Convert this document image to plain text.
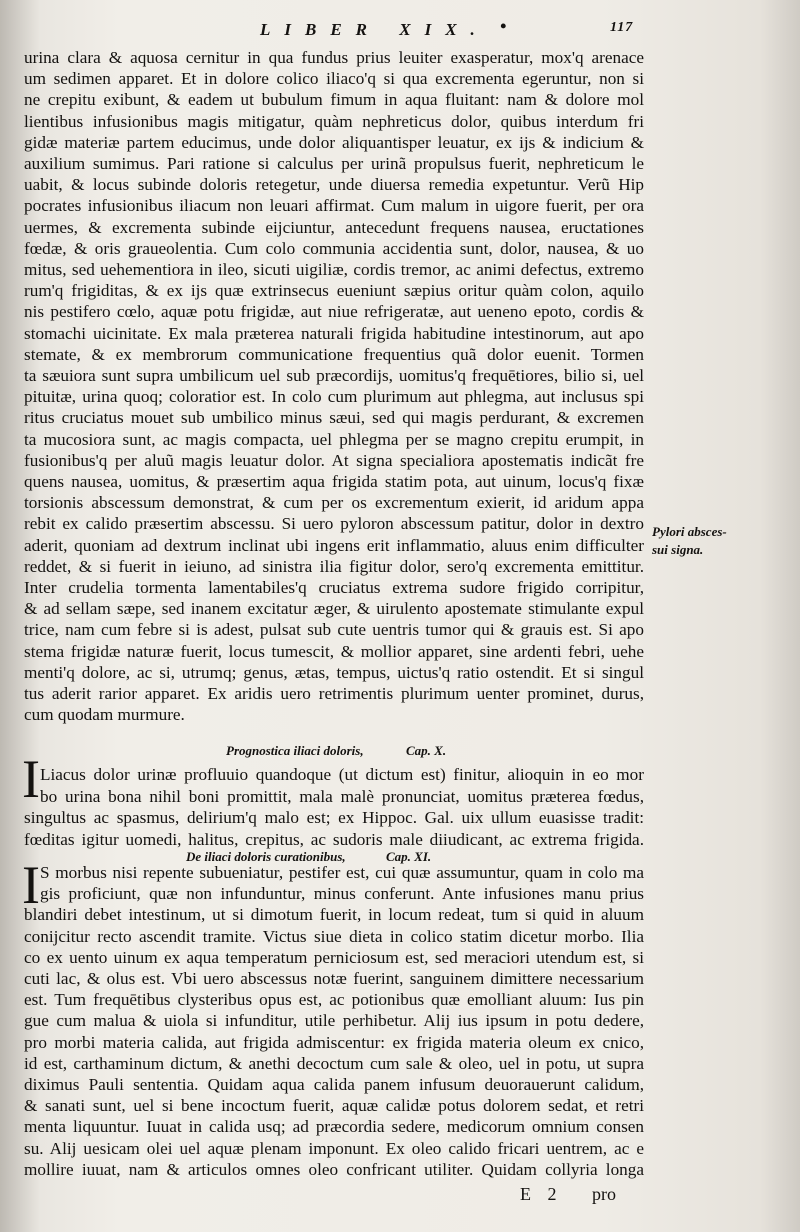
LIBER XIX. •	117
urina clara & aquosa cernitur in qua fundus prius leuiter exasperatur, mox'q arenace
um sedimen apparet. Et in dolore colico iliaco'q si qua excrementa egeruntur, non si
ne crepitu exibunt, & eadem ut bubulum fimum in aqua fluitant: nam & dolore mol
lientibus infusionibus magis mitigatur, quàm nephreticus dolor, quibus interdum fri
gidæ materiæ partem educimus, unde dolor aliquantisper leuatur, ex ijs & indicium &
auxilium sumimus. Pari ratione si calculus per urinã propulsus fuerit, nephreticum le
uabit, & locus subinde doloris retegetur, unde diuersa remedia expetuntur. Verũ Hip
pocrates infusionibus iliacum non leuari affirmat. Cum malum in uigore fuerit, per ora
uermes, & excrementa subinde eijciuntur, antecedunt frequens nausea, eructationes
fœdæ, & oris graueolentia. Cum colo communia accidentia sunt, dolor, nausea, & uo
mitus, sed uehementiora in ileo, sicuti uigiliæ, cordis tremor, ac animi defectus, extremo
rum'q frigiditas, & ex ijs quæ extrinsecus eueniunt sæpius oritur quàm colon, aquilo
nis pestifero cœlo, aquæ potu frigidæ, aut niue refrigeratæ, aut ueneno epoto, cordis &
stomachi uicinitate. Ex mala præterea naturali frigida habitudine intestinorum, aut apo
stemate, & ex membrorum communicatione frequentius quã dolor euenit. Tormen
ta sæuiora sunt supra umbilicum uel sub præcordijs, uomitus'q frequētiores, bilio si, uel
pituitæ, urina quoq; coloratior est. In colo cum plurimum aut phlegma, aut inclusus spi
ritus cruciatus mouet sub umbilico minus sæui, sed qui magis perdurant, & excremen
ta mucosiora sunt, ac magis compacta, uel phlegma per se magno crepitu erumpit, in
fusionibus'q per aluũ magis leuatur dolor. At signa specialiora apostematis indicãt fre
quens nausea, uomitus, & præsertim aqua frigida statim pota, aut uinum, locus'q fixæ
torsionis abscessum demonstrat, & cum per os excrementum exierit, id aridum appa
rebit ex calido præsertim abscessu. Si uero pyloron abscessum patitur, dolor in dextro
aderit, quoniam ad dextrum inclinat ubi ingens erit inflammatio, aluus enim difficulter
reddet, & si fuerit in ieiuno, ad sinistra ilia figitur dolor, sero'q excrementa emittitur.
Inter crudelia tormenta lamentabiles'q cruciatus extrema sudore frigido corripitur,
& ad sellam sæpe, sed inanem excitatur æger, & uirulento apostemate stimulante expul
trice, nam cum febre si is adest, pulsat sub cute uentris tumor qui & grauis est. Si apo
stema frigidæ naturæ fuerit, locus tumescit, & mollior apparet, sine ardenti febri, uehe
menti'q dolore, ac si, utrumq; genus, ætas, tempus, uictus'q ratio ostendit. Et si singul
tus aderit rarior apparet. Ex aridis uero retrimentis plurimum uenter prominet, durus,
cum quodam murmure.
Pylori absces-
sui signa.
Prognostica iliaci doloris,	Cap. X.
I Liacus dolor urinæ profluuio quandoque (ut dictum est) finitur, alioquin in eo mor
bo urina bona nihil boni promittit, mala malè pronunciat, uomitus præterea fœdus,
singultus ac spasmus, delirium'q malo est; ex Hippoc. Gal. uix ullum euasisse tradit:
fœditas igitur uomedi, halitus, crepitus, ac sudoris male diiudicant, ac extrema frigida.
De iliaci doloris curationibus,	Cap. XI.
I S morbus nisi repente subueniatur, pestifer est, cui quæ assumuntur, quam in colo ma
gis proficiunt, quæ non infunduntur, minus conferunt. Ante infusiones manu prius
blandiri debet intestinum, ut si dimotum fuerit, in locum redeat, tum si quid in aluum
conijcitur recto ascendit tramite. Victus siue dieta in colico statim dicetur morbo. Ilia
co ex uento uinum ex aqua temperatum perniciosum est, sed meraciori utendum est, si
cuti lac, & olus est. Vbi uero abscessus notæ fuerint, sanguinem dimittere necessarium
est. Tum frequētibus clysteribus opus est, ac potionibus quæ emolliant aluum: Ius pin
gue cum malua & uiola si infunditur, utile perhibetur. Alij ius ipsum in potu dedere,
pro morbi materia calida, aut frigida admiscentur: ex frigida materia oleum ex cnico,
id est, carthaminum dictum, & anethi decoctum cum sale & oleo, uel in potu, ut supra
diximus Pauli sententia. Quidam aqua calida panem infusum deuorauerunt calidum,
& sanati sunt, uel si bene incoctum fuerit, aquæ calidæ potus dolorem sedat, et retri
menta liquuntur. Iuuat in calida usq; ad præcordia sedere, medicorum omnium consen
su. Alij uesicam olei uel aquæ plenam imponunt. Ex oleo calido fricari uentrem, ac e
mollire iuuat, nam & articulos omnes oleo confricant utiliter. Quidam collyria longa
E 2 pro
